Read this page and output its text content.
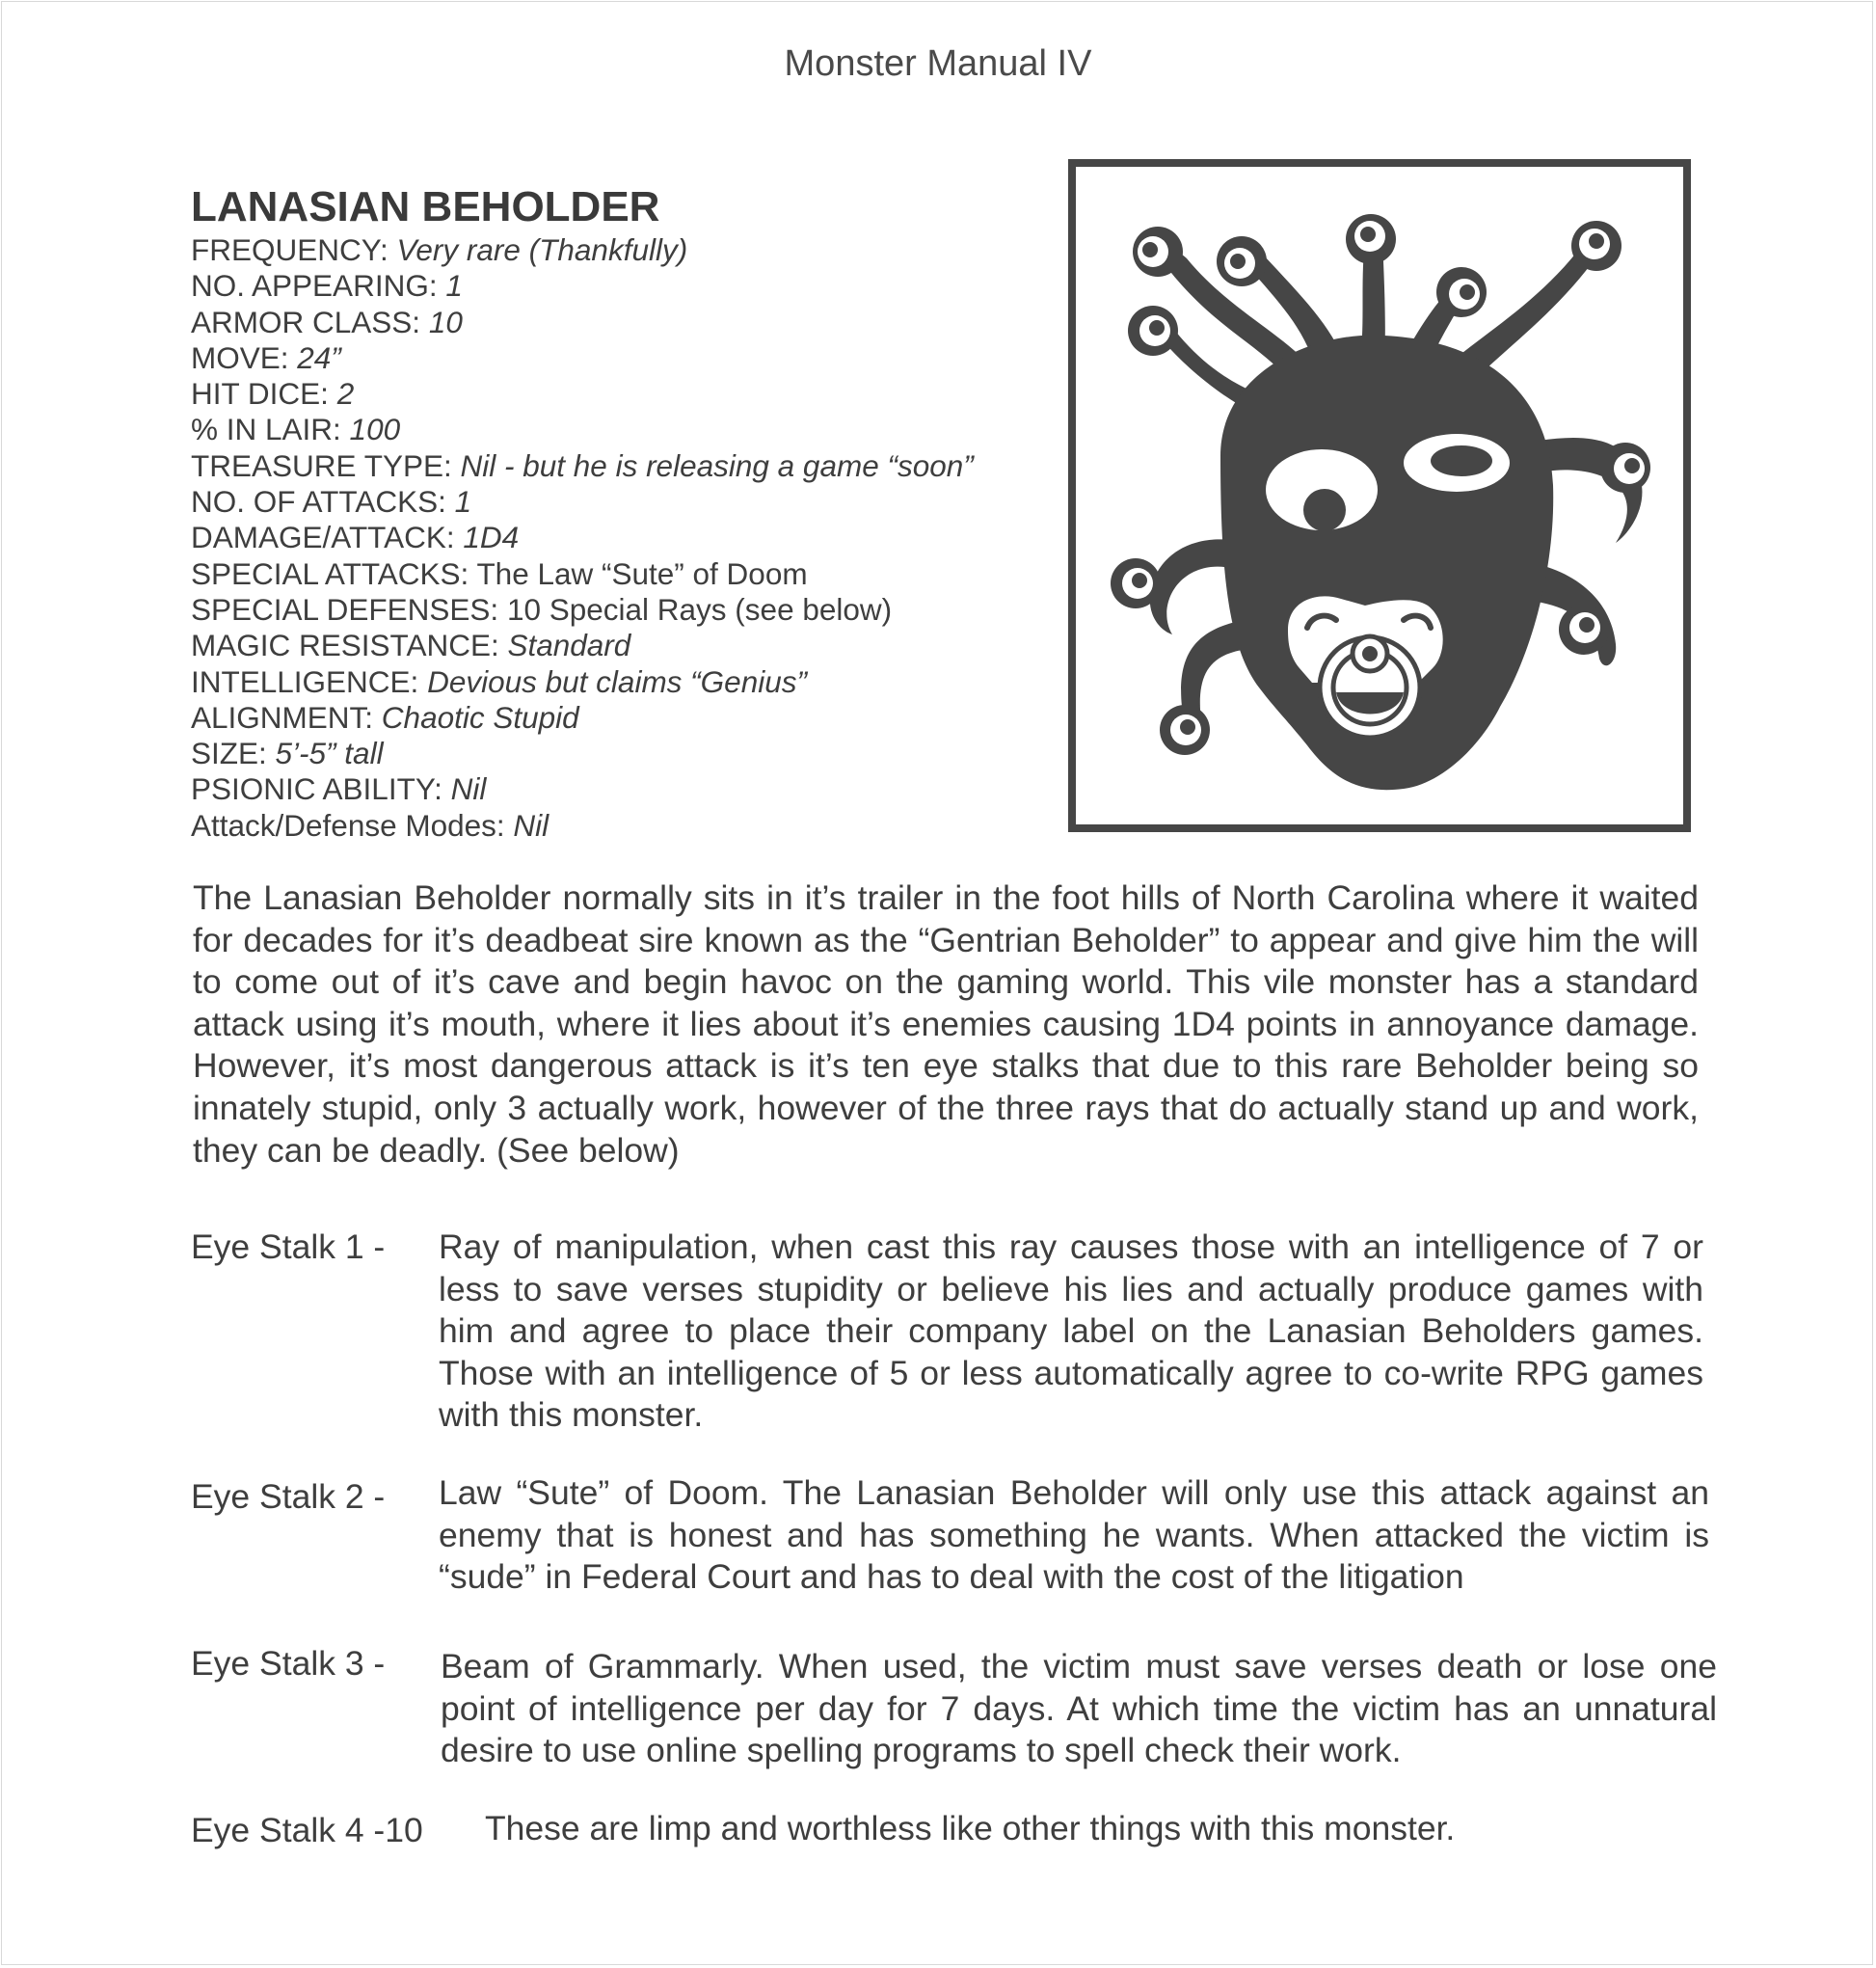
Monster Manual IV
LANASIAN BEHOLDER
FREQUENCY: Very rare (Thankfully)
NO. APPEARING: 1
ARMOR CLASS: 10
MOVE: 24”
HIT DICE: 2
% IN LAIR: 100
TREASURE TYPE: Nil - but he is releasing a game “soon”
NO. OF ATTACKS: 1
DAMAGE/ATTACK: 1D4
SPECIAL ATTACKS: The Law “Sute” of Doom
SPECIAL DEFENSES: 10 Special Rays (see below)
MAGIC RESISTANCE: Standard
INTELLIGENCE: Devious but claims “Genius”
ALIGNMENT: Chaotic Stupid
SIZE: 5’-5” tall
PSIONIC ABILITY: Nil
Attack/Defense Modes: Nil

The Lanasian Beholder normally sits in it’s trailer in the foot hills of North Carolina where it waited for decades for it’s deadbeat sire known as the “Gentrian Beholder” to appear and give him the will to come out of it’s cave and begin havoc on the gaming world. This vile monster has a standard attack using it’s mouth, where it lies about it’s enemies causing 1D4 points in annoyance damage. However, it’s most dangerous attack is it’s ten eye stalks that due to this rare Beholder being so innately stupid, only 3 actually work, however of the three rays that do actually stand up and work, they can be deadly. (See below)

Eye Stalk 1 - Ray of manipulation, when cast this ray causes those with an intelligence of 7 or less to save verses stupidity or believe his lies and actually produce games with him and agree to place their company label on the Lanasian Beholders games. Those with an intelligence of 5 or less automatically agree to co-write RPG games with this monster.

Eye Stalk 2 - Law “Sute” of Doom. The Lanasian Beholder will only use this attack against an enemy that is honest and has something he wants. When attacked the victim is “sude” in Federal Court and has to deal with the cost of the litigation

Eye Stalk 3 - Beam of Grammarly. When used, the victim must save verses death or lose one point of intelligence per day for 7 days. At which time the victim has an unnatural desire to use online spelling programs to spell check their work.

Eye Stalk 4 -10 These are limp and worthless like other things with this monster.
